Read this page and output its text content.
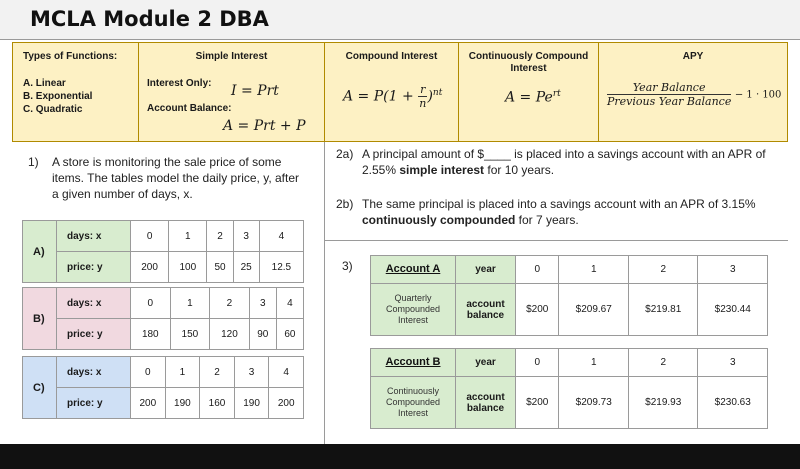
MCLA Module 2 DBA
Types of Functions:
A. Linear
B. Exponential
C. Quadratic
Simple Interest
Interest Only: I = Prt
Account Balance:
A = Prt + P
Compound Interest
$A = P(1 + \frac{r}{n} )^{nt}$
Continuously Compound Interest
$A = Pe^{rt}$
APY
$\frac{\text{Year Balance}}{\text{Previous Year Balance}} - 1 \cdot 100$
1)	A store is monitoring the sale price of some items. The tables model the daily price, y, after a given number of days, x.
2a) A principal amount of $____ is placed into a savings account with an APR of 2.55% simple interest for 10 years.
2b) The same principal is placed into a savings account with an APR of 3.15% continuously compounded for 7 years.
3)
A)	days: x	0	1	2	3	4
	price: y	200	100	50	25	12.5
B)	days: x	0	1	2	3	4
	price: y	180	150	120	90	60
C)	days: x	0	1	2	3	4
	price: y	200	190	160	190	200
Account A	year	0	1	2	3
Quarterly Compounded Interest	account balance	$200	$209.67	$219.81	$230.44
Account B	year	0	1	2	3
Continuously Compounded Interest	account balance	$200	$209.73	$219.93	$230.63
